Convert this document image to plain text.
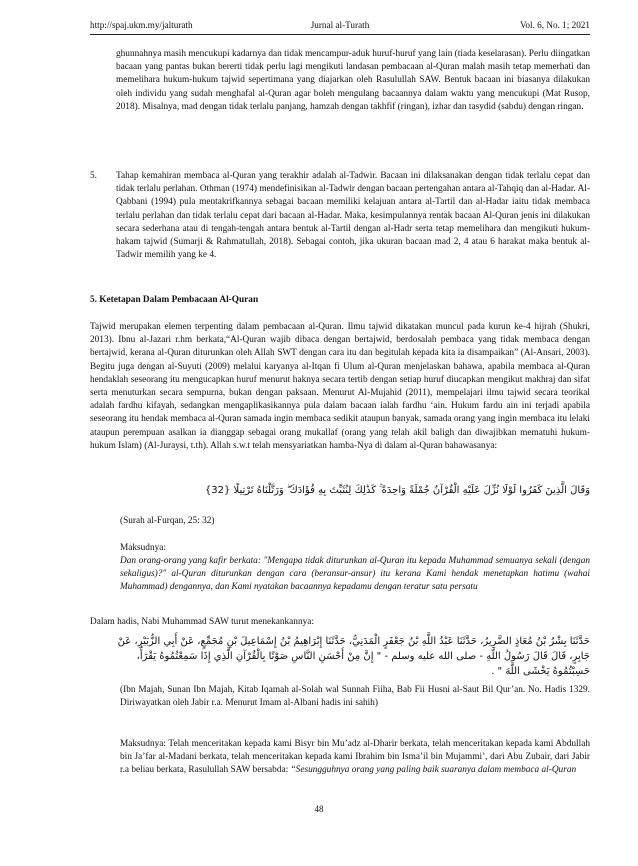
http://spaj.ukm.my/jalturath	Jurnal al-Turath	Vol. 6, No. 1; 2021

ghunnahnya masih mencukupi kadarnya dan tidak mencampur-aduk huruf-huruf yang lain (tiada keselarasan). Perlu diingatkan bacaan yang pantas bukan bererti tidak perlu lagi mengikuti landasan pembacaan al-Quran malah masih tetap memerhati dan memelihara hukum-hukum tajwid sepertimana yang diajarkan oleh Rasulullah SAW. Bentuk bacaan ini biasanya dilakukan oleh individu yang sudah menghafal al-Quran agar boleh mengulang bacaannya dalam waktu yang mencukupi (Mat Rusop, 2018). Misalnya, mad dengan tidak terlalu panjang, hamzah dengan takhfif (ringan), izhar dan tasydid (sabdu) dengan ringan.

5. Tahap kemahiran membaca al-Quran yang terakhir adalah al-Tadwir. Bacaan ini dilaksanakan dengan tidak terlalu cepat dan tidak terlalu perlahan. Othman (1974) mendefinisikan al-Tadwir dengan bacaan pertengahan antara al-Tahqiq dan al-Hadar. Al-Qabbani (1994) pula mentakrifkannya sebagai bacaan memiliki kelajuan antara al-Tartil dan al-Hadar iaitu tidak membaca terlalu perlahan dan tidak terlalu cepat dari bacaan al-Hadar. Maka, kesimpulannya rentak bacaan Al-Quran jenis ini dilakukan secara sederhana atau di tengah-tengah antara bentuk al-Tartil dengan al-Hadr serta tetap memelihara dan mengikuti hukum-hakam tajwid (Sumarji & Rahmatullah, 2018). Sebagai contoh, jika ukuran bacaan mad 2, 4 atau 6 harakat maka bentuk al-Tadwir memilih yang ke 4.

5. Ketetapan Dalam Pembacaan Al-Quran

Tajwid merupakan elemen terpenting dalam pembacaan al-Quran. Ilmu tajwid dikatakan muncul pada kurun ke-4 hijrah (Shukri, 2013). Ibnu al-Jazari r.hm berkata,“Al-Quran wajib dibaca dengan bertajwid, berdosalah pembaca yang tidak membaca dengan bertajwid, kerana al-Quran diturunkan oleh Allah SWT dengan cara itu dan begitulah kepada kita ia disampaikan” (Al-Ansari, 2003). Begitu juga dengan al-Suyuti (2009) melalui karyanya al-Itqan fi Ulum al-Quran menjelaskan bahawa, apabila membaca al-Quran hendaklah seseorang itu mengucapkan huruf menurut haknya secara tertib dengan setiap huruf diucapkan mengikut makhraj dan sifat serta menuturkan secara sempurna, bukan dengan paksaan. Menurut Al-Mujahid (2011), mempelajari ilmu tajwid secara teorikal adalah fardhu kifayah, sedangkan mengaplikasikannya pula dalam bacaan ialah fardhu ‘ain. Hukum fardu ain ini terjadi apabila seseorang itu hendak membaca al-Quran samada ingin membaca sedikit ataupun banyak, samada orang yang ingin membaca itu lelaki ataupun perempuan asalkan ia dianggap sebagai orang mukallaf (orang yang telah akil baligh dan diwajibkan mematuhi hukum-hukum Islam) (Al-Juraysi, t.th). Allah s.w.t telah mensyariatkan hamba-Nya di dalam al-Quran bahawasanya:

وَقَالَ الَّذِينَ كَفَرُوا لَوْلَا نُزِّلَ عَلَيْهِ الْقُرْآنُ جُمْلَةً وَاحِدَةً ۚ كَذَٰلِكَ لِنُثَبِّتَ بِهِ فُؤَادَكَ ۖ وَرَتَّلْنَاهُ تَرْتِيلًا {32}

(Surah al-Furqan, 25: 32)

Maksudnya:

Dan orang-orang yang kafir berkata: "Mengapa tidak diturunkan al-Quran itu kepada Muhammad semuanya sekali (dengan sekaligus)?" al-Quran diturunkan dengan cara (beransur-ansur) itu kerana Kami hendak menetapkan hatimu (wahai Muhammad) dengannya, dan Kami nyatakan bacaannya kepadamu dengan teratur satu persatu

Dalam hadis, Nabi Muhammad SAW turut menekankannya:

حَدَّثَنَا بِشْرُ بْنُ مُعَاذٍ الضَّرِيرُ، حَدَّثَنَا عَبْدُ اللَّهِ بْنُ جَعْفَرٍ الْمَدَنِيُّ، حَدَّثَنَا إِبْرَاهِيمُ بْنُ إِسْمَاعِيلَ بْنِ مُجَمِّعٍ، عَنْ أَبِي الزُّبَيْرِ، عَنْ جَابِرٍ، قَالَ قَالَ رَسُولُ اللَّهِ - صلى الله عليه وسلم - " إِنَّ مِنْ أَحْسَنِ النَّاسِ صَوْتًا بِالْقُرْآنِ الَّذِي إِذَا سَمِعْتُمُوهُ يَقْرَأُ، حَسِبْتُمُوهُ يَخْشَى اللَّهَ " .

(Ibn Majah, Sunan Ibn Majah, Kitab Iqamah al-Solah wal Sunnah Fiiha, Bab Fii Husni al-Saut Bil Qur’an. No. Hadis 1329. Diriwayatkan oleh Jabir r.a. Menurut Imam al-Albani hadis ini sahih)

Maksudnya: Telah menceritakan kepada kami Bisyr bin Mu’adz al-Dharir berkata, telah menceritakan kepada kami Abdullah bin Ja’far al-Madani berkata, telah menceritakan kepada kami Ibrahim bin Isma’il bin Mujammi’, dari Abu Zubair, dari Jabir r.a beliau berkata, Rasulullah SAW bersabda: “Sesungguhnya orang yang paling baik suaranya dalam membaca al-Quran

48
